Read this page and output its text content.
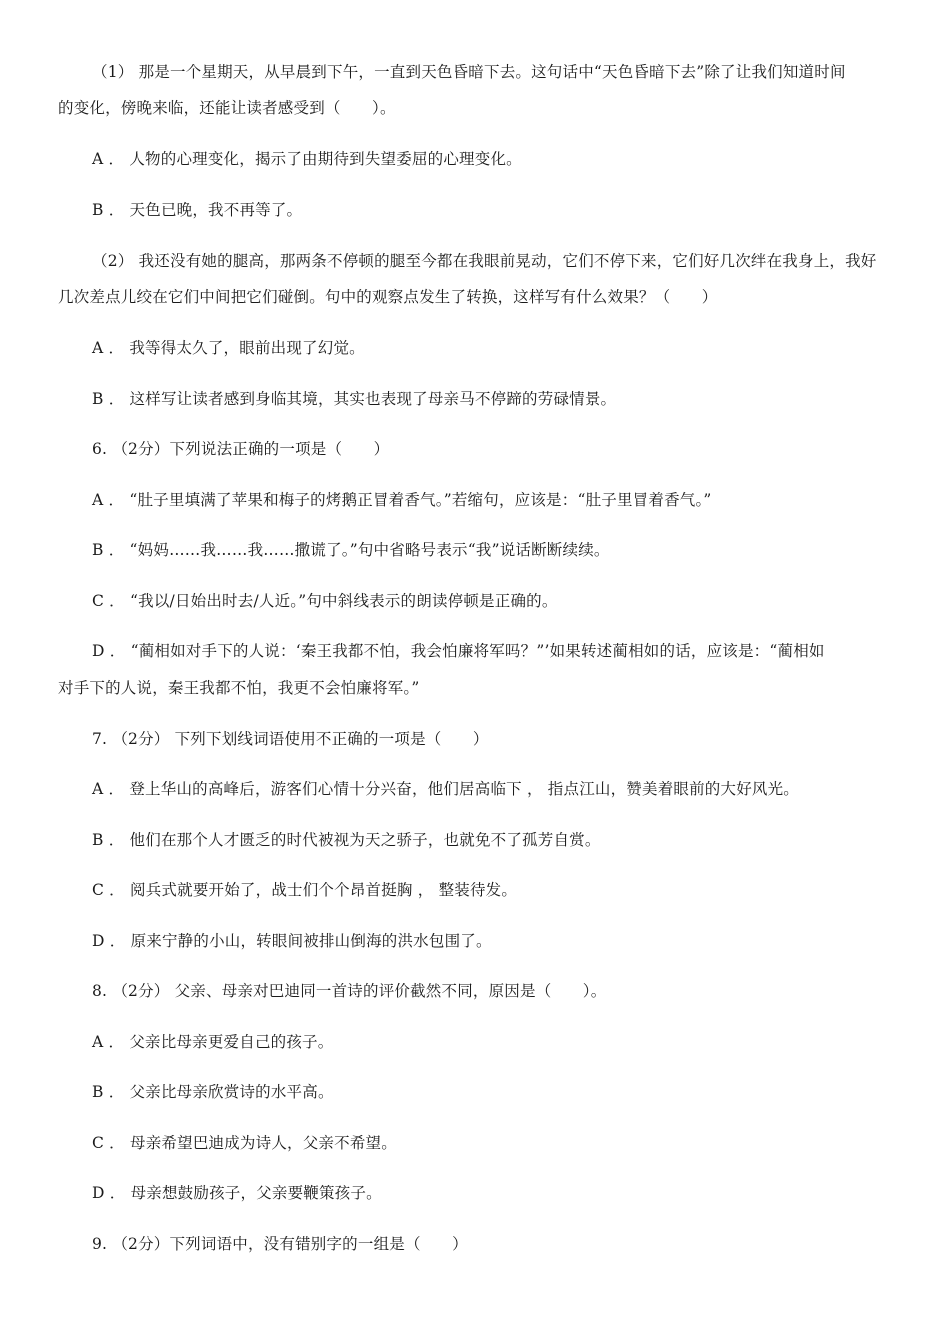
（1） 那是一个星期天，从早晨到下午，一直到天色昏暗下去。这句话中“天色昏暗下去”除了让我们知道时间
的变化，傍晚来临，还能让读者感受到（　　）。
A ． 人物的心理变化，揭示了由期待到失望委屈的心理变化。
B ． 天色已晚，我不再等了。
（2） 我还没有她的腿高，那两条不停顿的腿至今都在我眼前晃动，它们不停下来，它们好几次绊在我身上，我好
几次差点儿绞在它们中间把它们碰倒。句中的观察点发生了转换，这样写有什么效果？（　　）
A ． 我等得太久了，眼前出现了幻觉。
B ． 这样写让读者感到身临其境，其实也表现了母亲马不停蹄的劳碌情景。
6. （2分）下列说法正确的一项是（　　）
A ． “肚子里填满了苹果和梅子的烤鹅正冒着香气。”若缩句，应该是：“肚子里冒着香气。”
B ． “妈妈……我……我……撒谎了。”句中省略号表示“我”说话断断续续。
C ． “我以/日始出时去/人近。”句中斜线表示的朗读停顿是正确的。
D ． “蔺相如对手下的人说：‘秦王我都不怕，我会怕廉将军吗？”’如果转述蔺相如的话，应该是：“蔺相如
对手下的人说，秦王我都不怕，我更不会怕廉将军。”
7. （2分） 下列下划线词语使用不正确的一项是（　　）
A ． 登上华山的高峰后，游客们心情十分兴奋，他们居高临下 ， 指点江山，赞美着眼前的大好风光。
B ． 他们在那个人才匮乏的时代被视为天之骄子，也就免不了孤芳自赏。
C ． 阅兵式就要开始了，战士们个个昂首挺胸 ， 整装待发。
D ． 原来宁静的小山，转眼间被排山倒海的洪水包围了。
8. （2分） 父亲、母亲对巴迪同一首诗的评价截然不同，原因是（　　）。
A ． 父亲比母亲更爱自己的孩子。
B ． 父亲比母亲欣赏诗的水平高。
C ． 母亲希望巴迪成为诗人，父亲不希望。
D ． 母亲想鼓励孩子，父亲要鞭策孩子。
9. （2分）下列词语中，没有错别字的一组是（　　）
